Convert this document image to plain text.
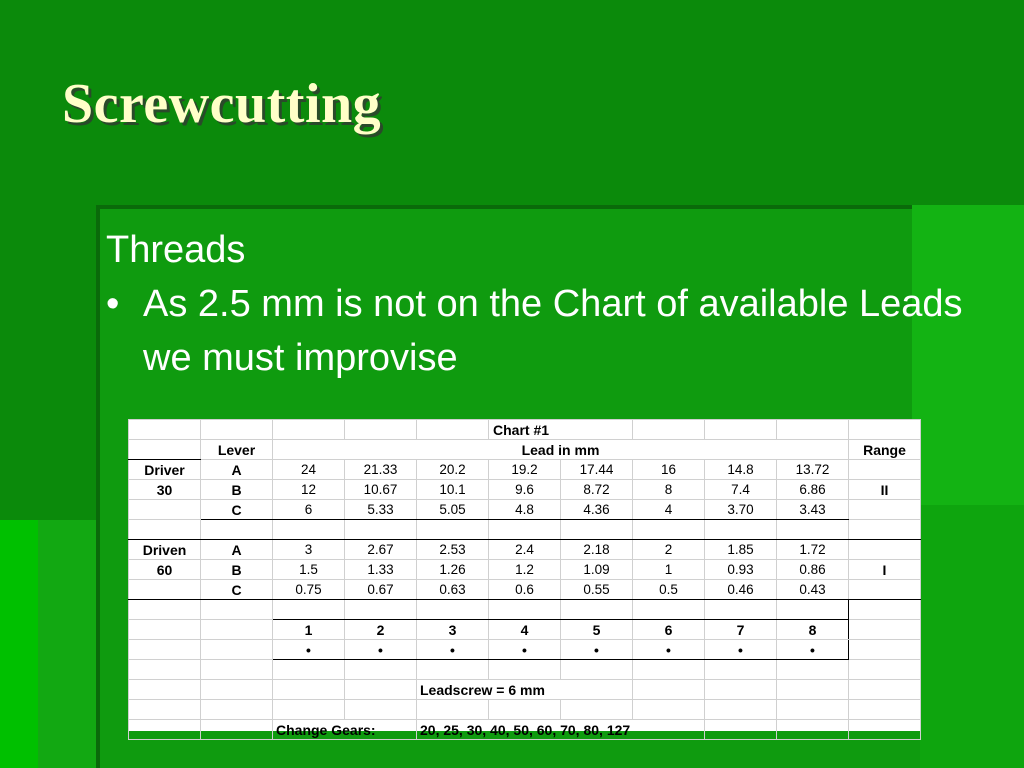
Screwcutting
Threads
• As 2.5 mm is not on the Chart of available Leads we must improvise
					Chart #1					
	Lever	Lead in mm								Range
Driver	A	24	21.33	20.2	19.2	17.44	16	14.8	13.72	
30	B	12	10.67	10.1	9.6	8.72	8	7.4	6.86	II
	C	6	5.33	5.05	4.8	4.36	4	3.70	3.43	

Driven	A	3	2.67	2.53	2.4	2.18	2	1.85	1.72	
60	B	1.5	1.33	1.26	1.2	1.09	1	0.93	0.86	I
	C	0.75	0.67	0.63	0.6	0.55	0.5	0.46	0.43	

		1	2	3	4	5	6	7	8	
		•	•	•	•	•	•	•	•	

				Leadscrew = 6 mm						

		Change Gears:		20, 25, 30, 40, 50, 60, 70, 80, 127						
